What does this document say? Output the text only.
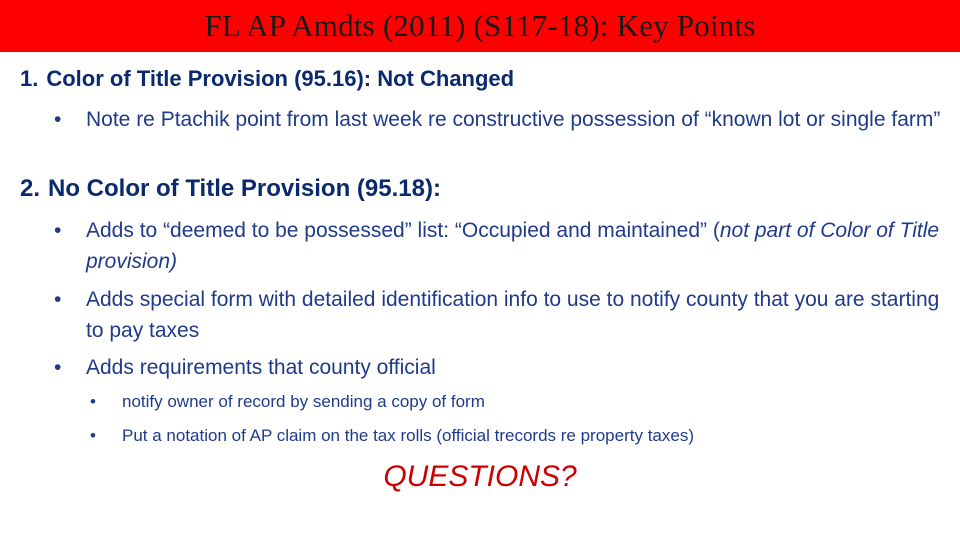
FL AP Amdts (2011) (S117-18): Key Points
1. Color of Title Provision (95.16): Not Changed
• Note re Ptachik point from last week re constructive possession of “known lot or single farm”
2. No Color of Title Provision (95.18):
• Adds to “deemed to be possessed” list: “Occupied and maintained” (not part of Color of Title provision)
• Adds special form with detailed identification info to use to notify county that you are starting to pay taxes
• Adds requirements that county official
• notify owner of record by sending a copy of form
• Put a notation of AP claim on the tax rolls (official trecords re property taxes)
QUESTIONS?
